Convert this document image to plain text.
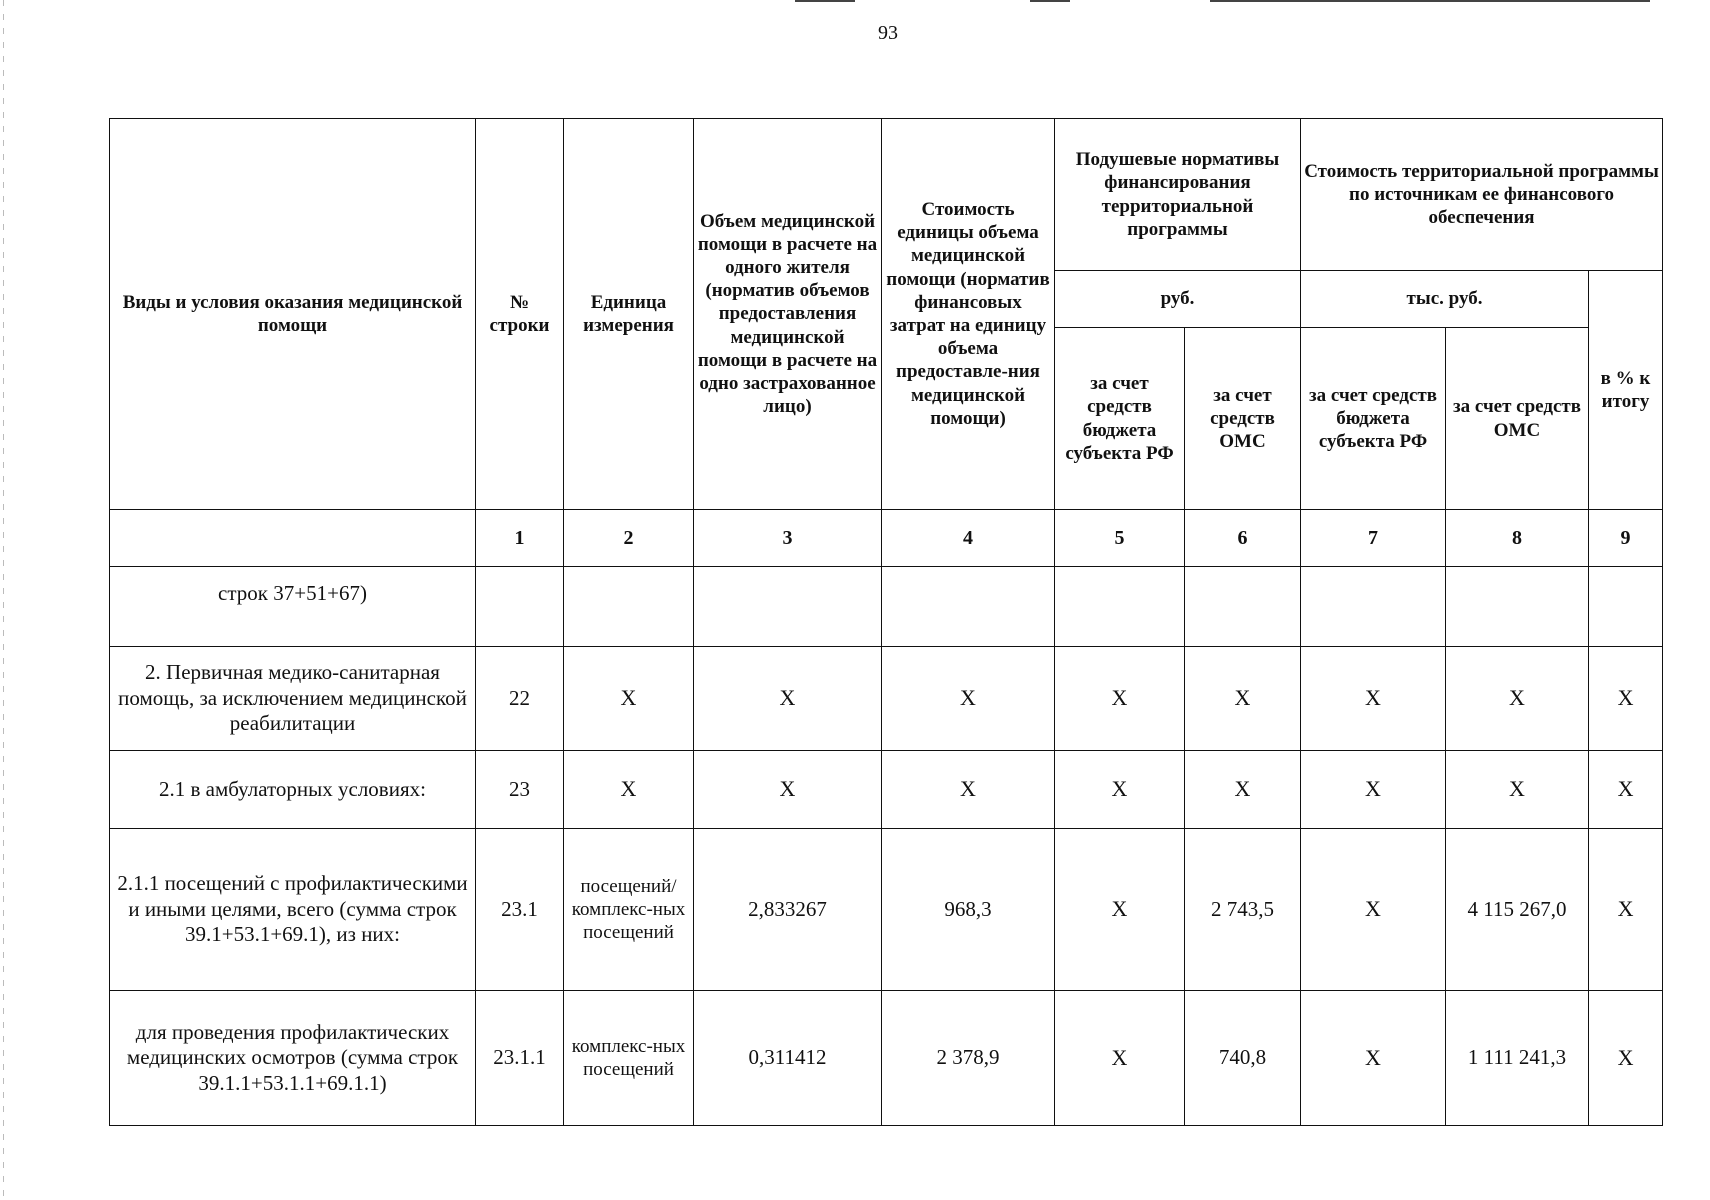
93
Виды и условия оказания медицинской помощи	№ строки	Единица измерения	Объем медицинской помощи в расчете на одного жителя (норматив объемов предоставления медицинской помощи в расчете на одно застрахованное лицо)	Стоимость единицы объема медицинской помощи (норматив финансовых затрат на единицу объема предоставле-ния медицинской помощи)	Подушевые нормативы финансирования территориальной программы		Стоимость территориальной программы по источникам ее финансового обеспечения		
					руб.		тыс. руб.		в % к итогу
					за счет средств бюджета субъекта РФ	за счет средств ОМС	за счет средств бюджета субъекта РФ	за счет средств ОМС	
	1	2	3	4	5	6	7	8	9
строк 37+51+67)									
2. Первичная медико-санитарная помощь, за исключением медицинской реабилитации	22	X	X	X	X	X	X	X	X
2.1 в амбулаторных условиях:	23	X	X	X	X	X	X	X	X
2.1.1 посещений с профилактическими и иными целями, всего (сумма строк 39.1+53.1+69.1), из них:	23.1	посещений/ комплекс-ных посещений	2,833267	968,3	X	2 743,5	X	4 115 267,0	X
для проведения профилактических медицинских осмотров (сумма строк 39.1.1+53.1.1+69.1.1)	23.1.1	комплекс-ных посещений	0,311412	2 378,9	X	740,8	X	1 111 241,3	X
